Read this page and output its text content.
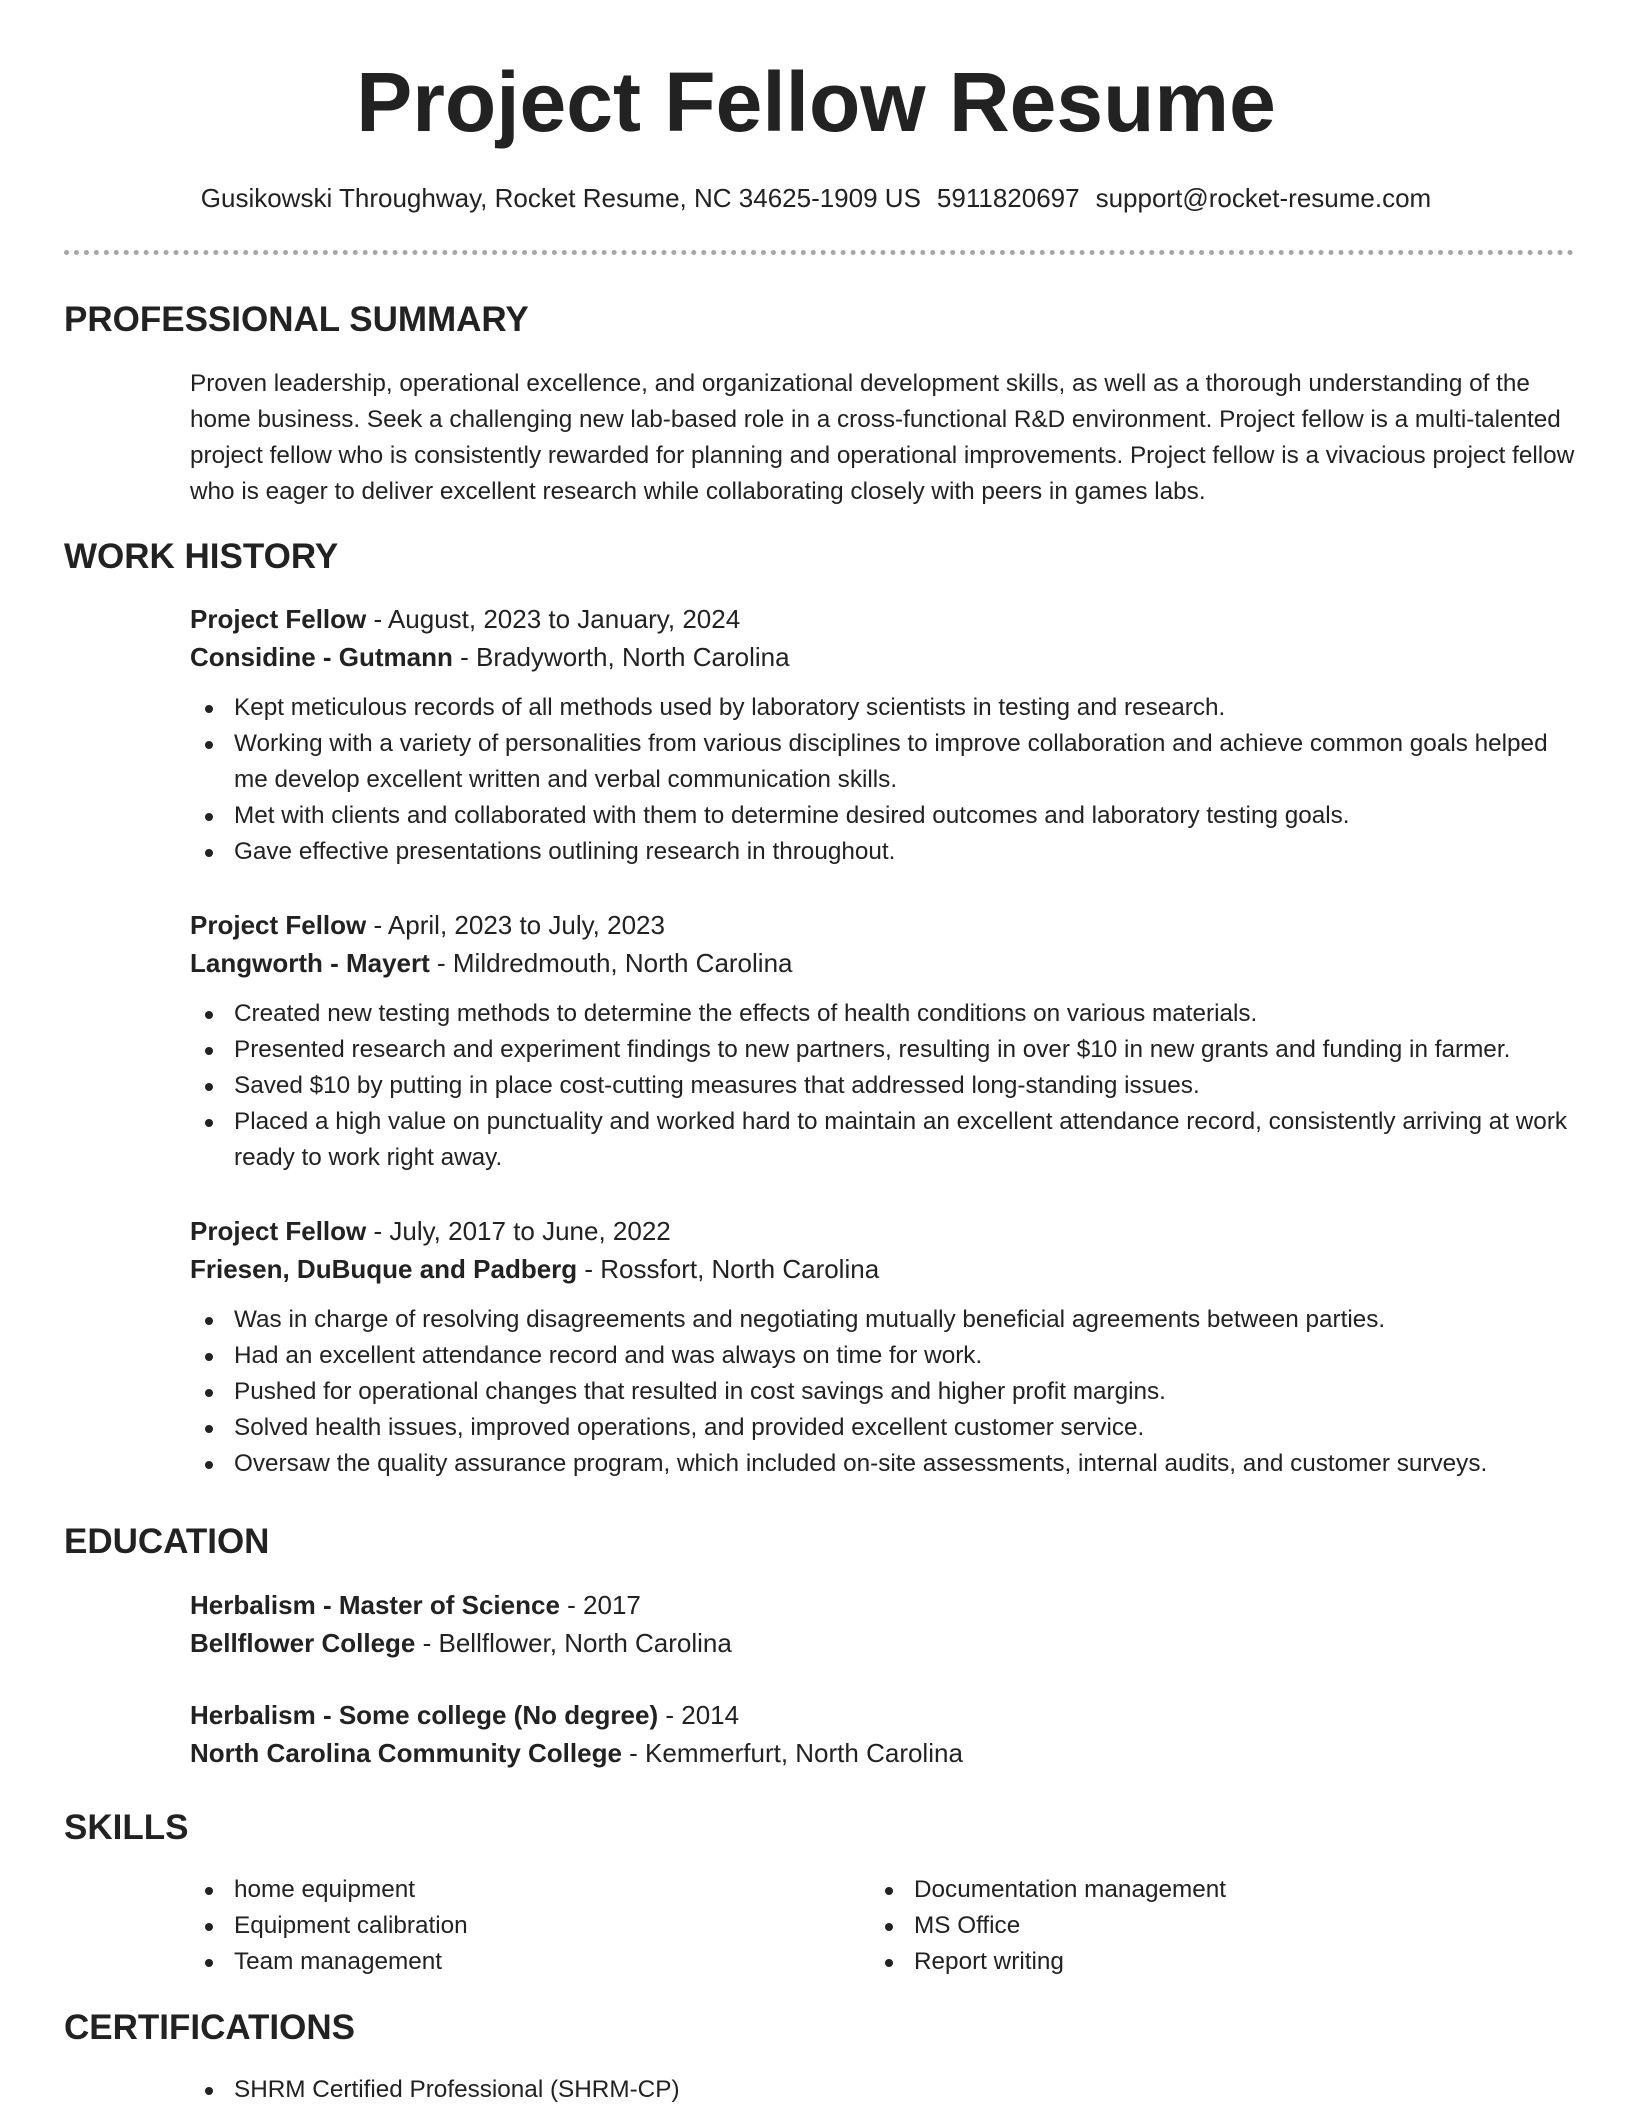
Project Fellow Resume
Gusikowski Throughway, Rocket Resume, NC 34625-1909 US 5911820697 support@rocket-resume.com
PROFESSIONAL SUMMARY
Proven leadership, operational excellence, and organizational development skills, as well as a thorough understanding of the home business. Seek a challenging new lab-based role in a cross-functional R&D environment. Project fellow is a multi-talented project fellow who is consistently rewarded for planning and operational improvements. Project fellow is a vivacious project fellow who is eager to deliver excellent research while collaborating closely with peers in games labs.
WORK HISTORY
Project Fellow - August, 2023 to January, 2024
Considine - Gutmann - Bradyworth, North Carolina
Kept meticulous records of all methods used by laboratory scientists in testing and research.
Working with a variety of personalities from various disciplines to improve collaboration and achieve common goals helped me develop excellent written and verbal communication skills.
Met with clients and collaborated with them to determine desired outcomes and laboratory testing goals.
Gave effective presentations outlining research in throughout.
Project Fellow - April, 2023 to July, 2023
Langworth - Mayert - Mildredmouth, North Carolina
Created new testing methods to determine the effects of health conditions on various materials.
Presented research and experiment findings to new partners, resulting in over $10 in new grants and funding in farmer.
Saved $10 by putting in place cost-cutting measures that addressed long-standing issues.
Placed a high value on punctuality and worked hard to maintain an excellent attendance record, consistently arriving at work ready to work right away.
Project Fellow - July, 2017 to June, 2022
Friesen, DuBuque and Padberg - Rossfort, North Carolina
Was in charge of resolving disagreements and negotiating mutually beneficial agreements between parties.
Had an excellent attendance record and was always on time for work.
Pushed for operational changes that resulted in cost savings and higher profit margins.
Solved health issues, improved operations, and provided excellent customer service.
Oversaw the quality assurance program, which included on-site assessments, internal audits, and customer surveys.
EDUCATION
Herbalism - Master of Science - 2017
Bellflower College - Bellflower, North Carolina
Herbalism - Some college (No degree) - 2014
North Carolina Community College - Kemmerfurt, North Carolina
SKILLS
home equipment
Equipment calibration
Team management
Documentation management
MS Office
Report writing
CERTIFICATIONS
SHRM Certified Professional (SHRM-CP)
